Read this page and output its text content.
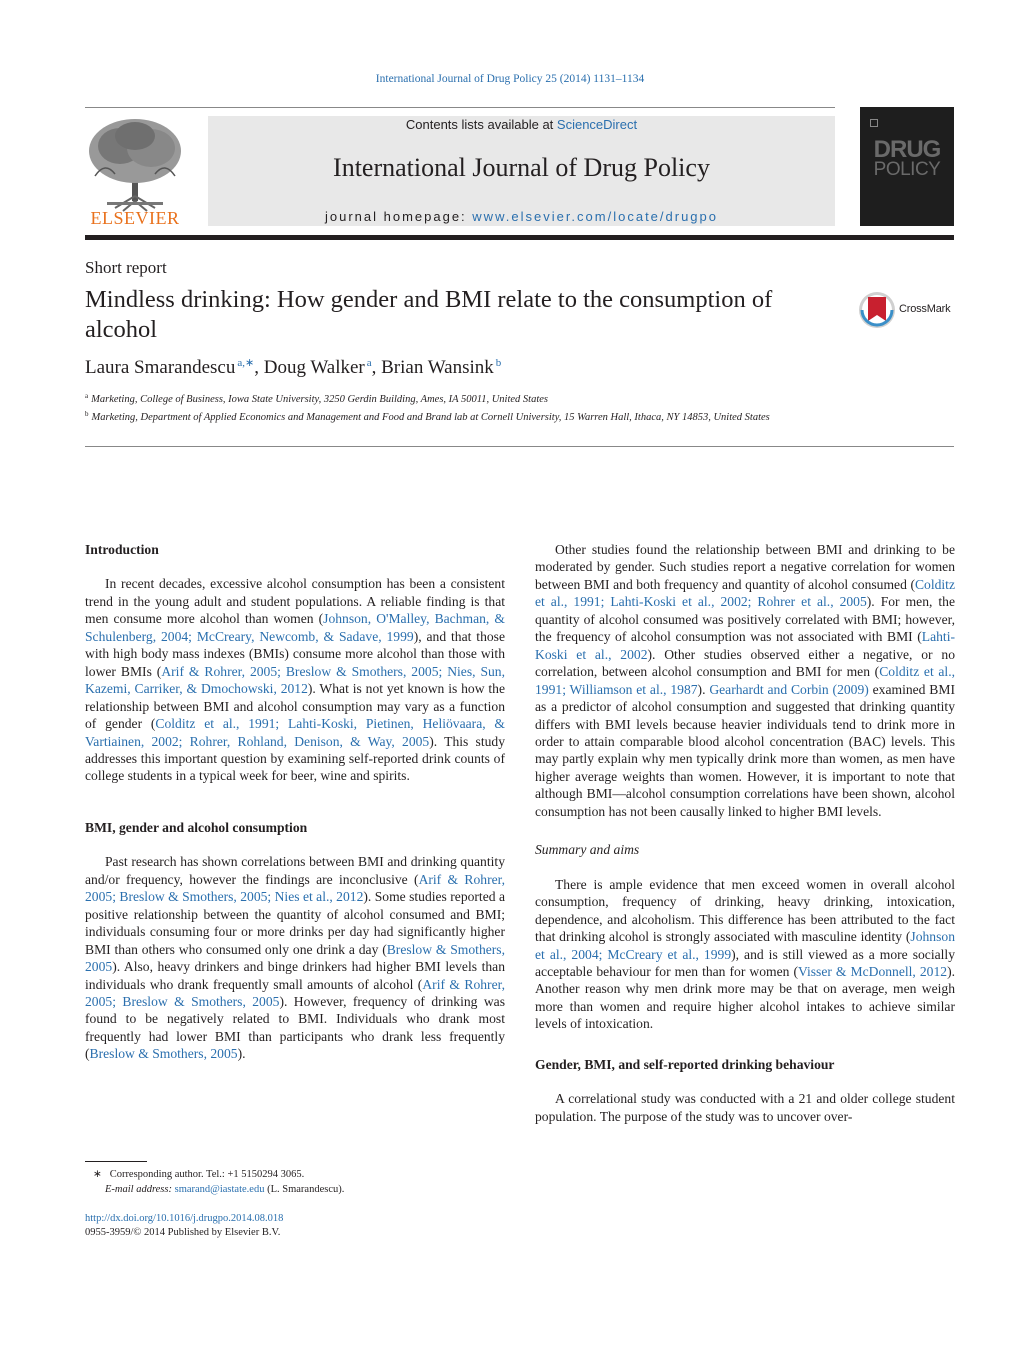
International Journal of Drug Policy 25 (2014) 1131–1134
ELSEVIER
Contents lists available at ScienceDirect
International Journal of Drug Policy
journal homepage: www.elsevier.com/locate/drugpo
DRUG
POLICY
Short report
Mindless drinking: How gender and BMI relate to the consumption of alcohol
CrossMark
Laura Smarandescu $^{a,∗}$, Doug Walker $^a$, Brian Wansink $^b$
$^a$ Marketing, College of Business, Iowa State University, 3250 Gerdin Building, Ames, IA 50011, United States
$^b$ Marketing, Department of Applied Economics and Management and Food and Brand lab at Cornell University, 15 Warren Hall, Ithaca, NY 14853, United States
Introduction

In recent decades, excessive alcohol consumption has been a consistent trend in the young adult and student populations. A reliable finding is that men consume more alcohol than women (Johnson, O'Malley, Bachman, & Schulenberg, 2004; McCreary, Newcomb, & Sadave, 1999), and that those with high body mass indexes (BMIs) consume more alcohol than those with lower BMIs (Arif & Rohrer, 2005; Breslow & Smothers, 2005; Nies, Sun, Kazemi, Carriker, & Dmochowski, 2012). What is not yet known is how the relationship between BMI and alcohol consumption may vary as a function of gender (Colditz et al., 1991; Lahti-Koski, Pietinen, Heliövaara, & Vartiainen, 2002; Rohrer, Rohland, Denison, & Way, 2005). This study addresses this important question by examining self-reported drink counts of college students in a typical week for beer, wine and spirits.

BMI, gender and alcohol consumption

Past research has shown correlations between BMI and drinking quantity and/or frequency, however the findings are inconclusive (Arif & Rohrer, 2005; Breslow & Smothers, 2005; Nies et al., 2012). Some studies reported a positive relationship between the quantity of alcohol consumed and BMI; individuals consuming four or more drinks per day had significantly higher BMI than others who consumed only one drink a day (Breslow & Smothers, 2005). Also, heavy drinkers and binge drinkers had higher BMI levels than individuals who drank frequently small amounts of alcohol (Arif & Rohrer, 2005; Breslow & Smothers, 2005). However, frequency of drinking was found to be negatively related to BMI. Individuals who drank most frequently had lower BMI than participants who drank less frequently (Breslow & Smothers, 2005).

Other studies found the relationship between BMI and drinking to be moderated by gender. Such studies report a negative correlation for women between BMI and both frequency and quantity of alcohol consumed (Colditz et al., 1991; Lahti-Koski et al., 2002; Rohrer et al., 2005). For men, the quantity of alcohol consumed was positively correlated with BMI; however, the frequency of alcohol consumption was not associated with BMI (Lahti-Koski et al., 2002). Other studies observed either a negative, or no correlation, between alcohol consumption and BMI for men (Colditz et al., 1991; Williamson et al., 1987). Gearhardt and Corbin (2009) examined BMI as a predictor of alcohol consumption and suggested that drinking quantity differs with BMI levels because heavier individuals tend to drink more in order to attain comparable blood alcohol concentration (BAC) levels. This may partly explain why men typically drink more than women, as men have higher average weights than women. However, it is important to note that although BMI—alcohol consumption correlations have been shown, alcohol consumption has not been causally linked to higher BMI levels.

Summary and aims

There is ample evidence that men exceed women in overall alcohol consumption, frequency of drinking, heavy drinking, intoxication, dependence, and alcoholism. This difference has been attributed to the fact that drinking alcohol is strongly associated with masculine identity (Johnson et al., 2004; McCreary et al., 1999), and is still viewed as a more socially acceptable behaviour for men than for women (Visser & McDonnell, 2012). Another reason why men drink more may be that on average, men weigh more than women and require higher alcohol intakes to achieve similar levels of intoxication.

Gender, BMI, and self-reported drinking behaviour

A correlational study was conducted with a 21 and older college student population. The purpose of the study was to uncover over-

∗ Corresponding author. Tel.: +1 5150294 3065.
E-mail address: smarand@iastate.edu (L. Smarandescu).
http://dx.doi.org/10.1016/j.drugpo.2014.08.018
0955-3959/© 2014 Published by Elsevier B.V.
